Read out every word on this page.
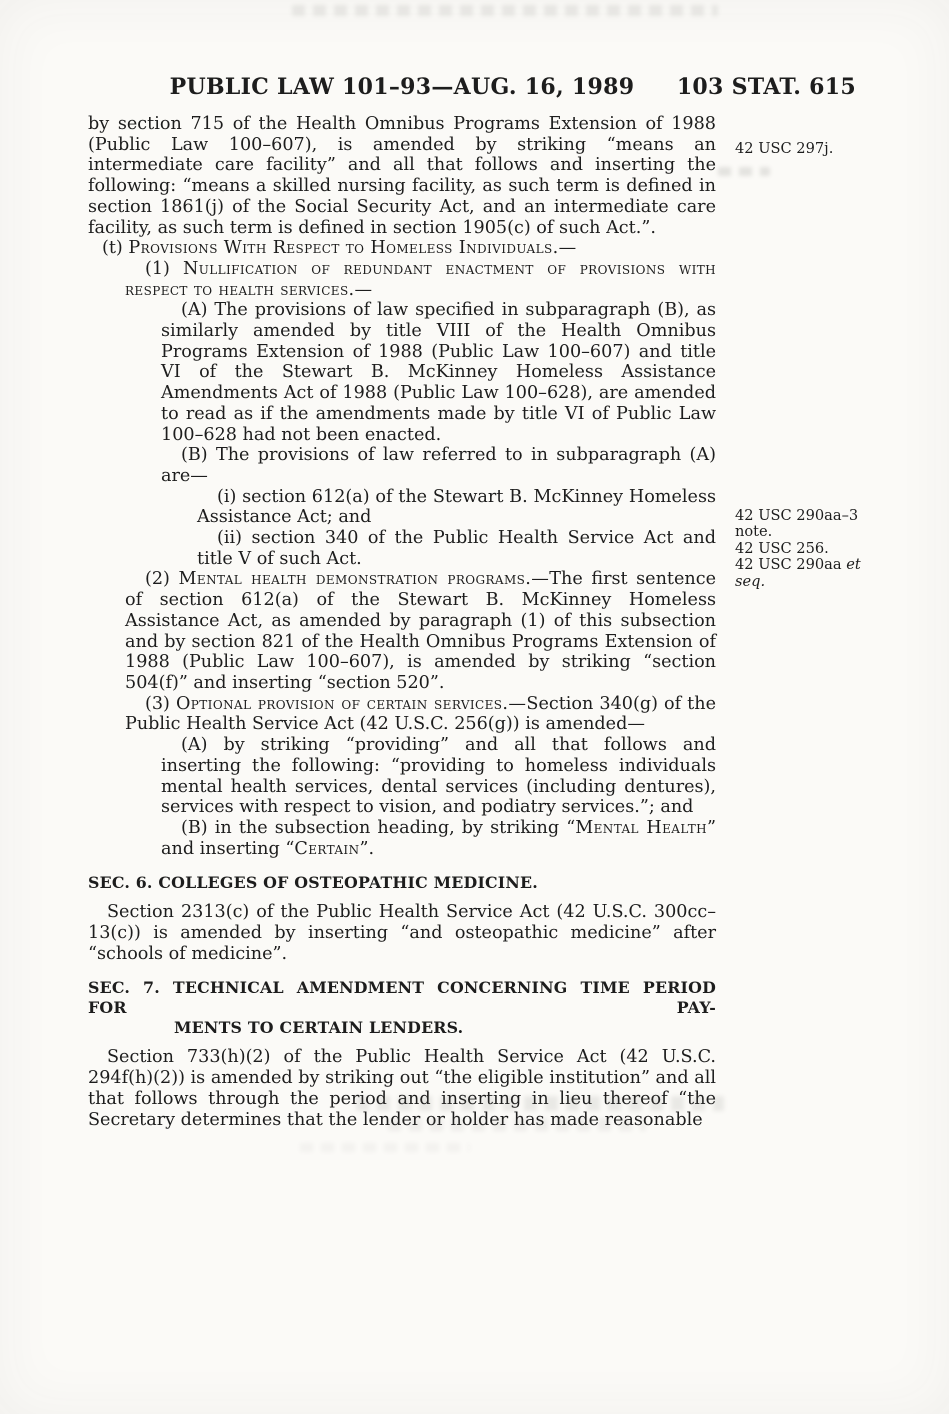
PUBLIC LAW 101–93—AUG. 16, 1989	103 STAT. 615
by section 715 of the Health Omnibus Programs Extension of 1988 (Public Law 100–607), is amended by striking “means an intermediate care facility” and all that follows and inserting the following: “means a skilled nursing facility, as such term is defined in section 1861(j) of the Social Security Act, and an intermediate care facility, as such term is defined in section 1905(c) of such Act.”.
(t) Provisions With Respect to Homeless Individuals.—
(1) Nullification of redundant enactment of provisions with respect to health services.—
(A) The provisions of law specified in subparagraph (B), as similarly amended by title VIII of the Health Omnibus Programs Extension of 1988 (Public Law 100–607) and title VI of the Stewart B. McKinney Homeless Assistance Amendments Act of 1988 (Public Law 100–628), are amended to read as if the amendments made by title VI of Public Law 100–628 had not been enacted.
(B) The provisions of law referred to in subparagraph (A) are—
(i) section 612(a) of the Stewart B. McKinney Homeless Assistance Act; and
(ii) section 340 of the Public Health Service Act and title V of such Act.
(2) Mental health demonstration programs.—The first sentence of section 612(a) of the Stewart B. McKinney Homeless Assistance Act, as amended by paragraph (1) of this subsection and by section 821 of the Health Omnibus Programs Extension of 1988 (Public Law 100–607), is amended by striking “section 504(f)” and inserting “section 520”.
(3) Optional provision of certain services.—Section 340(g) of the Public Health Service Act (42 U.S.C. 256(g)) is amended—
(A) by striking “providing” and all that follows and inserting the following: “providing to homeless individuals mental health services, dental services (including dentures), services with respect to vision, and podiatry services.”; and
(B) in the subsection heading, by striking “Mental Health” and inserting “Certain”.
SEC. 6. COLLEGES OF OSTEOPATHIC MEDICINE.
Section 2313(c) of the Public Health Service Act (42 U.S.C. 300cc–13(c)) is amended by inserting “and osteopathic medicine” after “schools of medicine”.
SEC. 7. TECHNICAL AMENDMENT CONCERNING TIME PERIOD FOR PAY-
MENTS TO CERTAIN LENDERS.
Section 733(h)(2) of the Public Health Service Act (42 U.S.C. 294f(h)(2)) is amended by striking out “the eligible institution” and all that follows through the period and inserting in lieu thereof “the Secretary determines that the lender or holder has made reasonable
42 USC 297j.

42 USC 290aa–3 note.

42 USC 256.

42 USC 290aa et seq.
